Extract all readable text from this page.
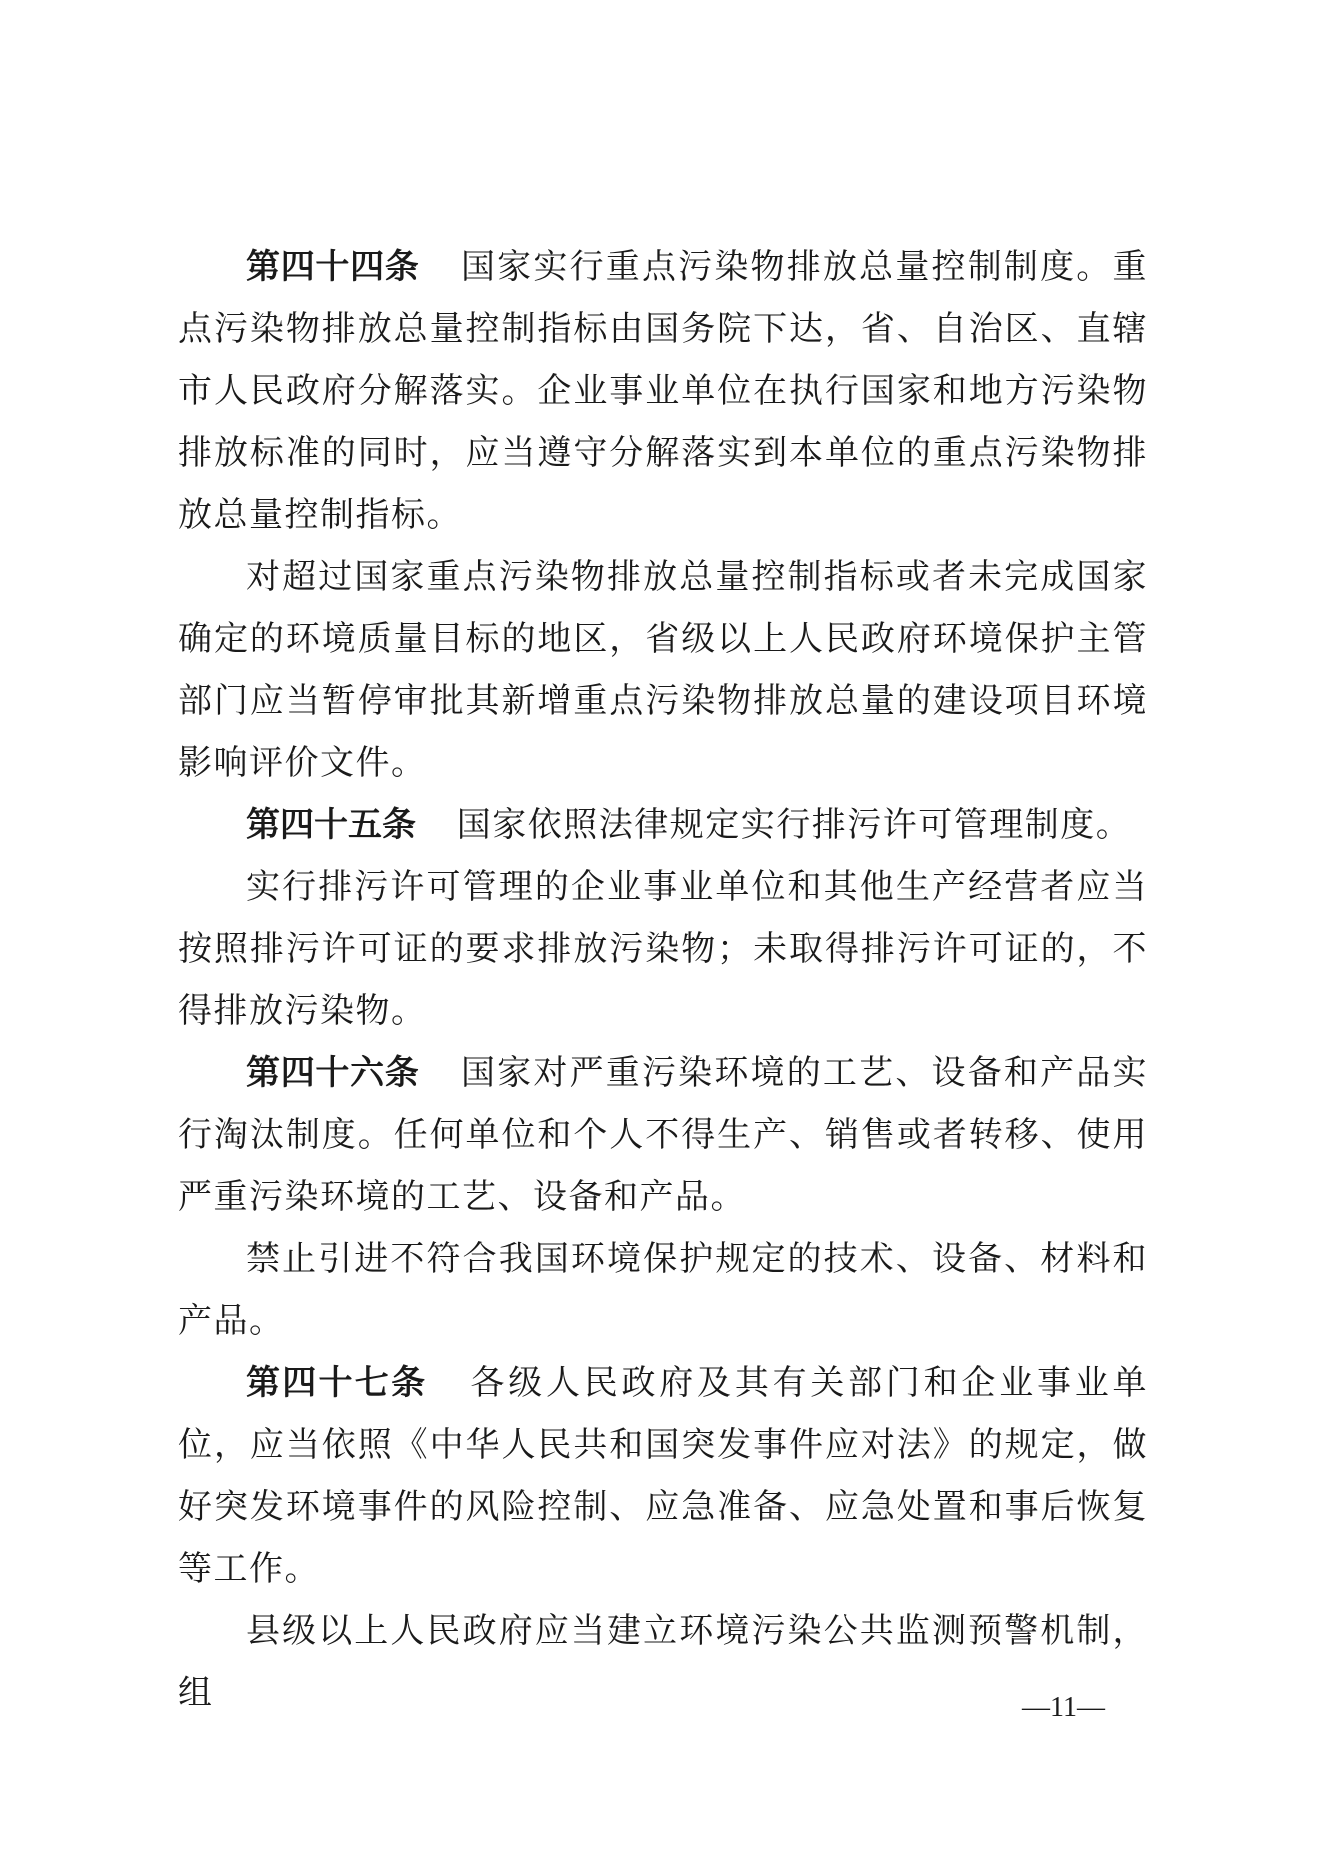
第四十四条 国家实行重点污染物排放总量控制制度。重点污染物排放总量控制指标由国务院下达，省、自治区、直辖市人民政府分解落实。企业事业单位在执行国家和地方污染物排放标准的同时，应当遵守分解落实到本单位的重点污染物排放总量控制指标。

对超过国家重点污染物排放总量控制指标或者未完成国家确定的环境质量目标的地区，省级以上人民政府环境保护主管部门应当暂停审批其新增重点污染物排放总量的建设项目环境影响评价文件。

第四十五条 国家依照法律规定实行排污许可管理制度。

实行排污许可管理的企业事业单位和其他生产经营者应当按照排污许可证的要求排放污染物；未取得排污许可证的，不得排放污染物。

第四十六条 国家对严重污染环境的工艺、设备和产品实行淘汰制度。任何单位和个人不得生产、销售或者转移、使用严重污染环境的工艺、设备和产品。

禁止引进不符合我国环境保护规定的技术、设备、材料和产品。

第四十七条 各级人民政府及其有关部门和企业事业单位，应当依照《中华人民共和国突发事件应对法》的规定，做好突发环境事件的风险控制、应急准备、应急处置和事后恢复等工作。

县级以上人民政府应当建立环境污染公共监测预警机制，组	—11—
